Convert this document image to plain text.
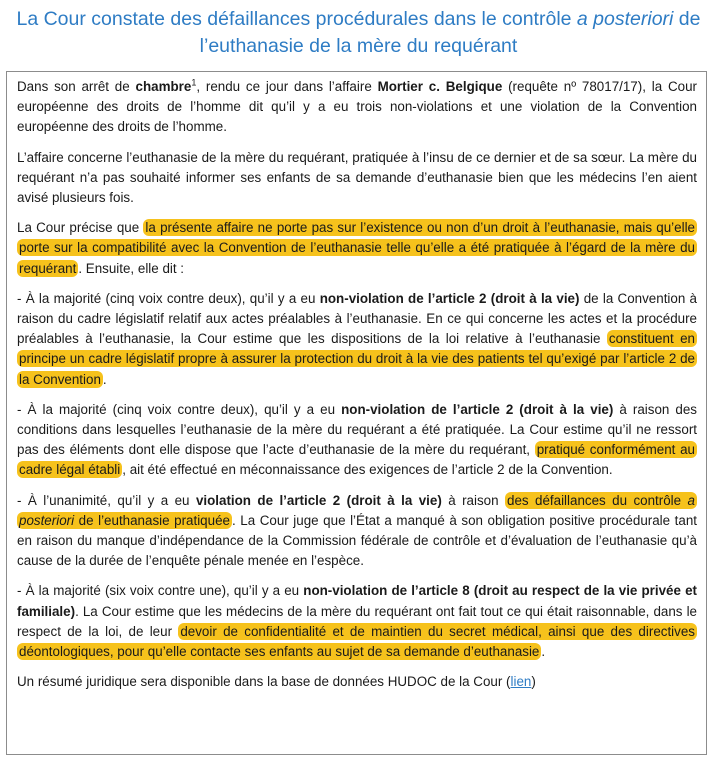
La Cour constate des défaillances procédurales dans le contrôle a posteriori de l’euthanasie de la mère du requérant

Dans son arrêt de chambre$^1$, rendu ce jour dans l’affaire Mortier c. Belgique (requête nº 78017/17), la Cour européenne des droits de l’homme dit qu’il y a eu trois non-violations et une violation de la Convention européenne des droits de l’homme.

L’affaire concerne l’euthanasie de la mère du requérant, pratiquée à l’insu de ce dernier et de sa sœur. La mère du requérant n’a pas souhaité informer ses enfants de sa demande d’euthanasie bien que les médecins l’en aient avisé plusieurs fois.

La Cour précise que la présente affaire ne porte pas sur l’existence ou non d’un droit à l’euthanasie, mais qu’elle porte sur la compatibilité avec la Convention de l’euthanasie telle qu’elle a été pratiquée à l’égard de la mère du requérant . Ensuite, elle dit :

- À la majorité (cinq voix contre deux), qu’il y a eu non-violation de l’article 2 (droit à la vie) de la Convention à raison du cadre législatif relatif aux actes préalables à l’euthanasie. En ce qui concerne les actes et la procédure préalables à l’euthanasie, la Cour estime que les dispositions de la loi relative à l’euthanasie constituent en principe un cadre législatif propre à assurer la protection du droit à la vie des patients tel qu’exigé par l’article 2 de la Convention .

- À la majorité (cinq voix contre deux), qu’il y a eu non-violation de l’article 2 (droit à la vie) à raison des conditions dans lesquelles l’euthanasie de la mère du requérant a été pratiquée. La Cour estime qu’il ne ressort pas des éléments dont elle dispose que l’acte d’euthanasie de la mère du requérant, pratiqué conformément au cadre légal établi , ait été effectué en méconnaissance des exigences de l’article 2 de la Convention.

- À l’unanimité, qu’il y a eu violation de l’article 2 (droit à la vie) à raison des défaillances du contrôle a posteriori de l’euthanasie pratiquée . La Cour juge que l’État a manqué à son obligation positive procédurale tant en raison du manque d’indépendance de la Commission fédérale de contrôle et d’évaluation de l’euthanasie qu’à cause de la durée de l’enquête pénale menée en l’espèce.

- À la majorité (six voix contre une), qu’il y a eu non-violation de l’article 8 (droit au respect de la vie privée et familiale). La Cour estime que les médecins de la mère du requérant ont fait tout ce qui était raisonnable, dans le respect de la loi, de leur devoir de confidentialité et de maintien du secret médical, ainsi que des directives déontologiques, pour qu’elle contacte ses enfants au sujet de sa demande d’euthanasie .

Un résumé juridique sera disponible dans la base de données HUDOC de la Cour (lien)
